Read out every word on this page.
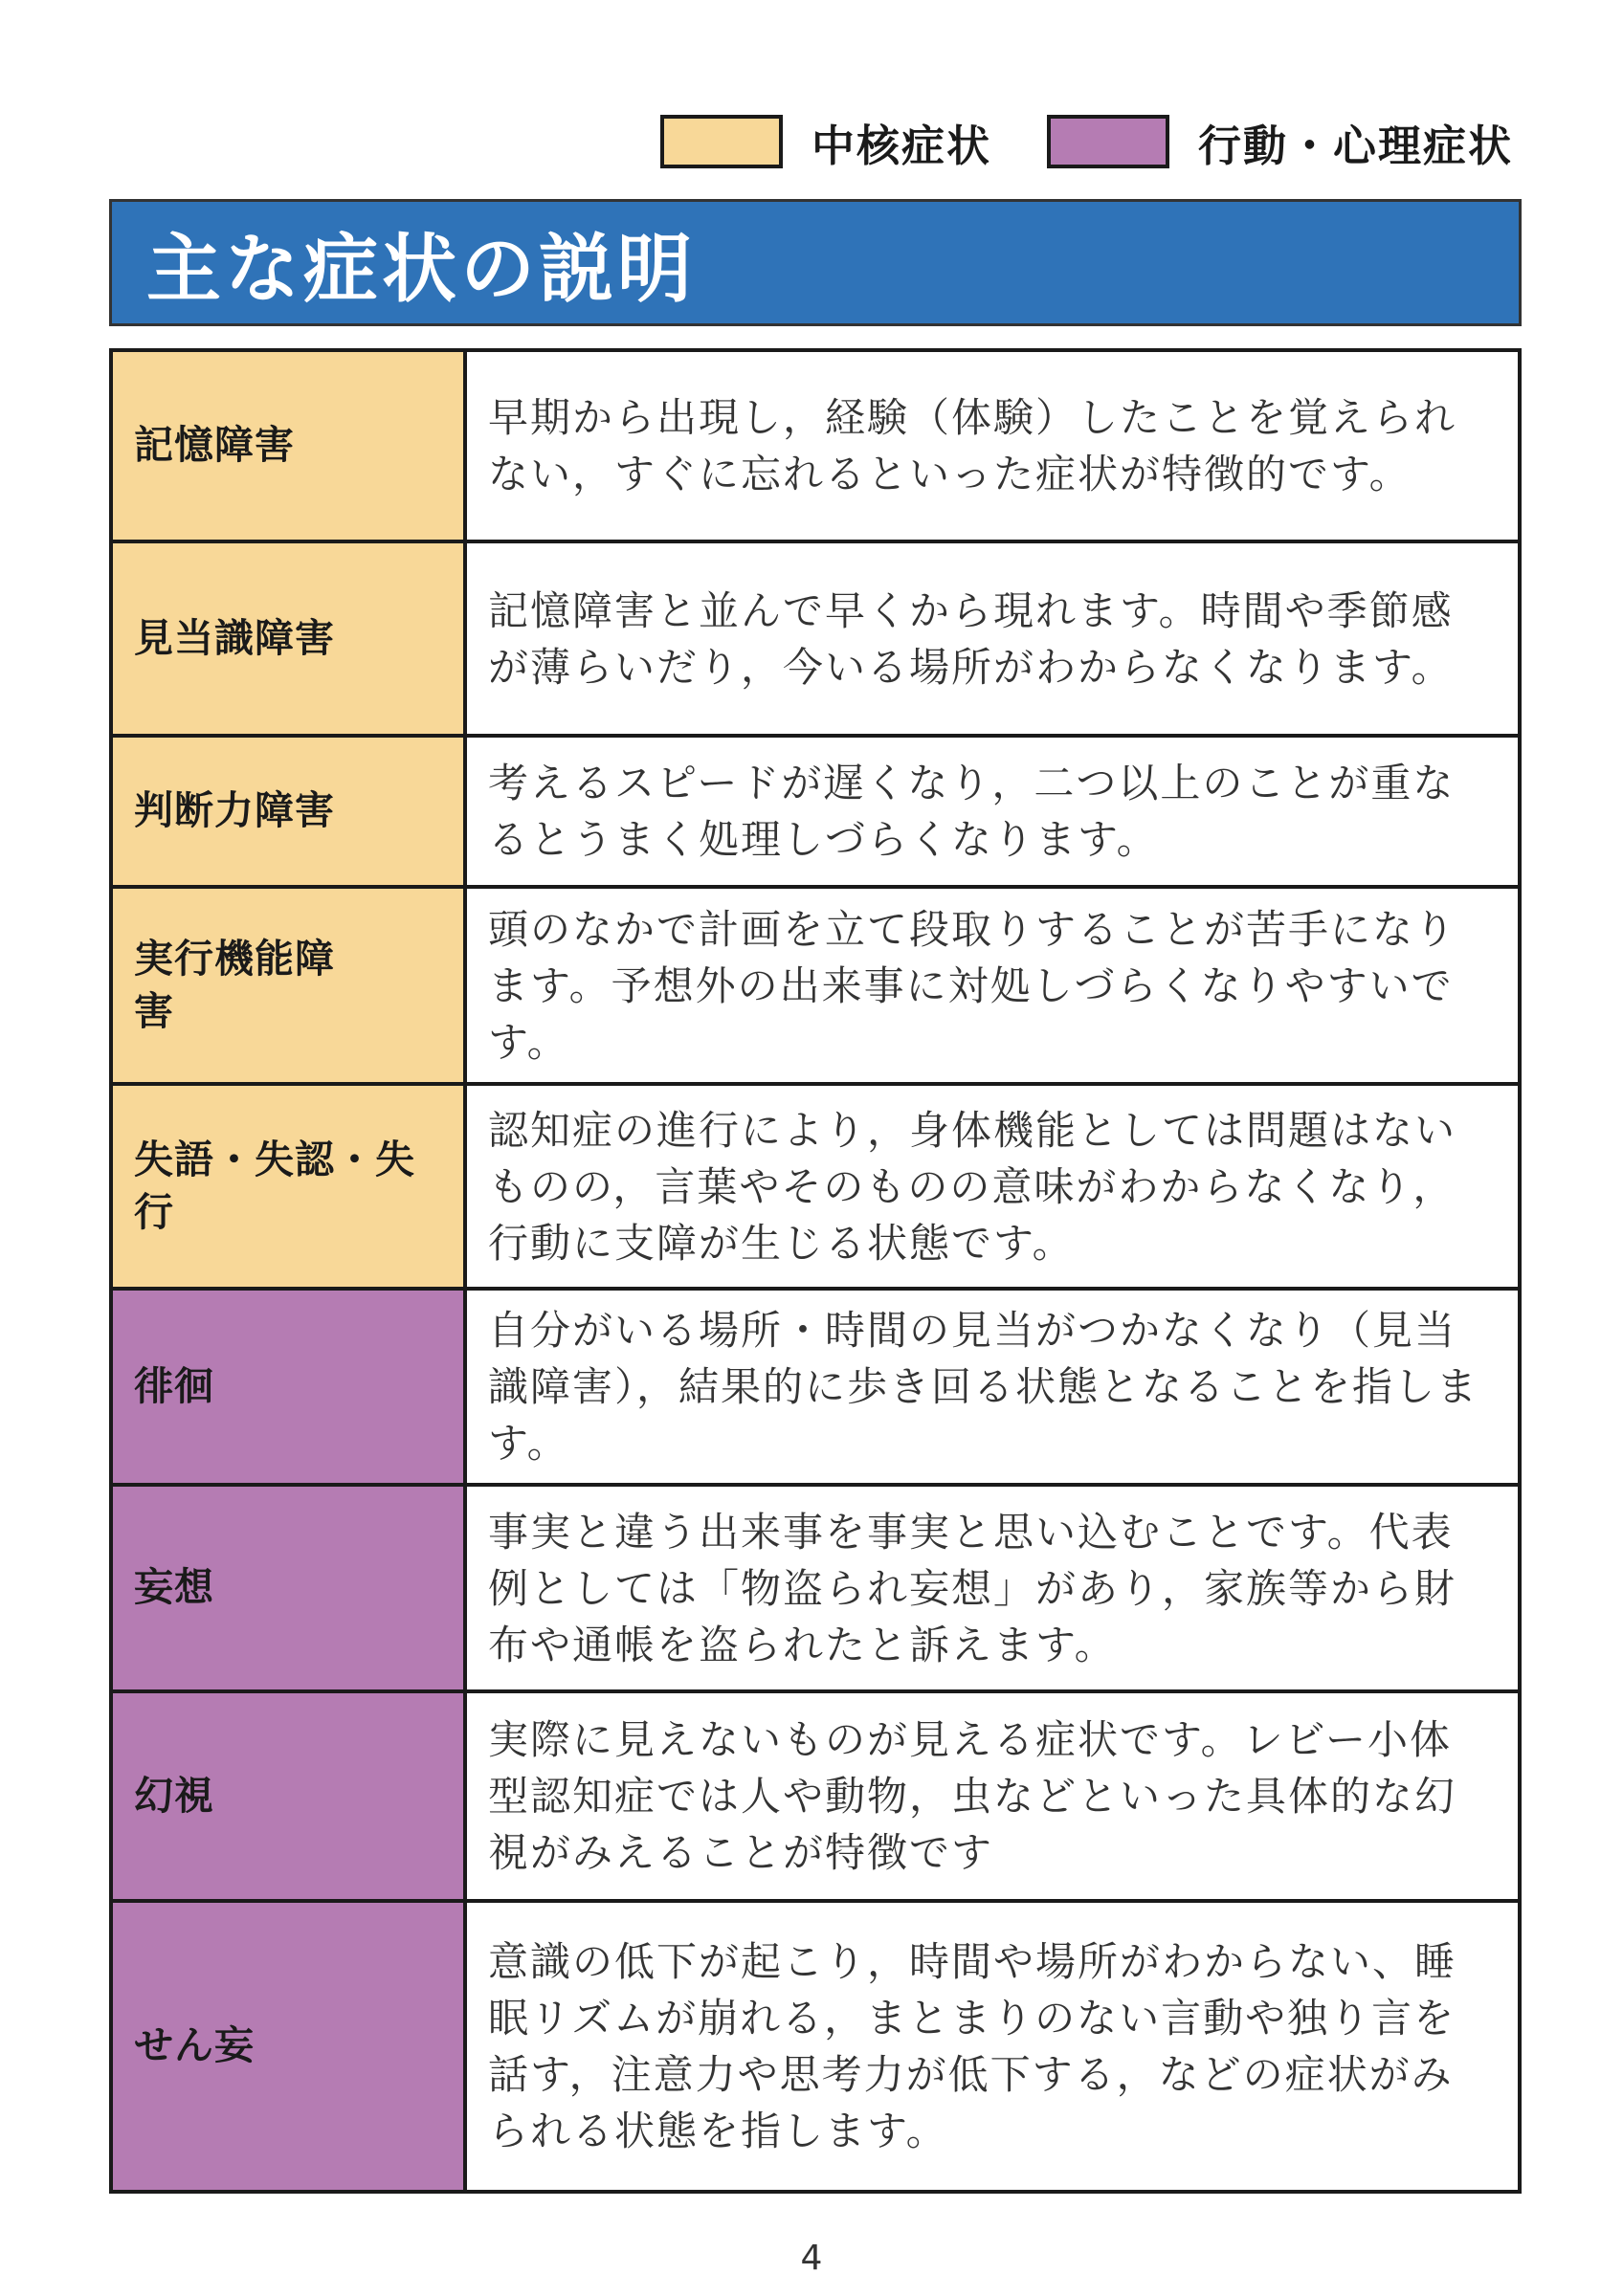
中核症状	行動・心理症状
主な症状の説明
記憶障害
早期から出現し，経験（体験）したことを覚えられない，すぐに忘れるといった症状が特徴的です。
見当識障害
記憶障害と並んで早くから現れます。時間や季節感が薄らいだり，今いる場所がわからなくなります。
判断力障害
考えるスピードが遅くなり，二つ以上のことが重なるとうまく処理しづらくなります。
実行機能障害
頭のなかで計画を立て段取りすることが苦手になります。予想外の出来事に対処しづらくなりやすいです。
失語・失認・失行
認知症の進行により，身体機能としては問題はないものの，言葉やそのものの意味がわからなくなり，行動に支障が生じる状態です。
徘徊
自分がいる場所・時間の見当がつかなくなり（見当識障害），結果的に歩き回る状態となることを指します。
妄想
事実と違う出来事を事実と思い込むことです。代表例としては「物盗られ妄想」があり，家族等から財布や通帳を盗られたと訴えます。
幻視
実際に見えないものが見える症状です。レビー小体型認知症では人や動物，虫などといった具体的な幻視がみえることが特徴です
せん妄
意識の低下が起こり，時間や場所がわからない、睡眠リズムが崩れる，まとまりのない言動や独り言を話す，注意力や思考力が低下する，などの症状がみられる状態を指します。
4
